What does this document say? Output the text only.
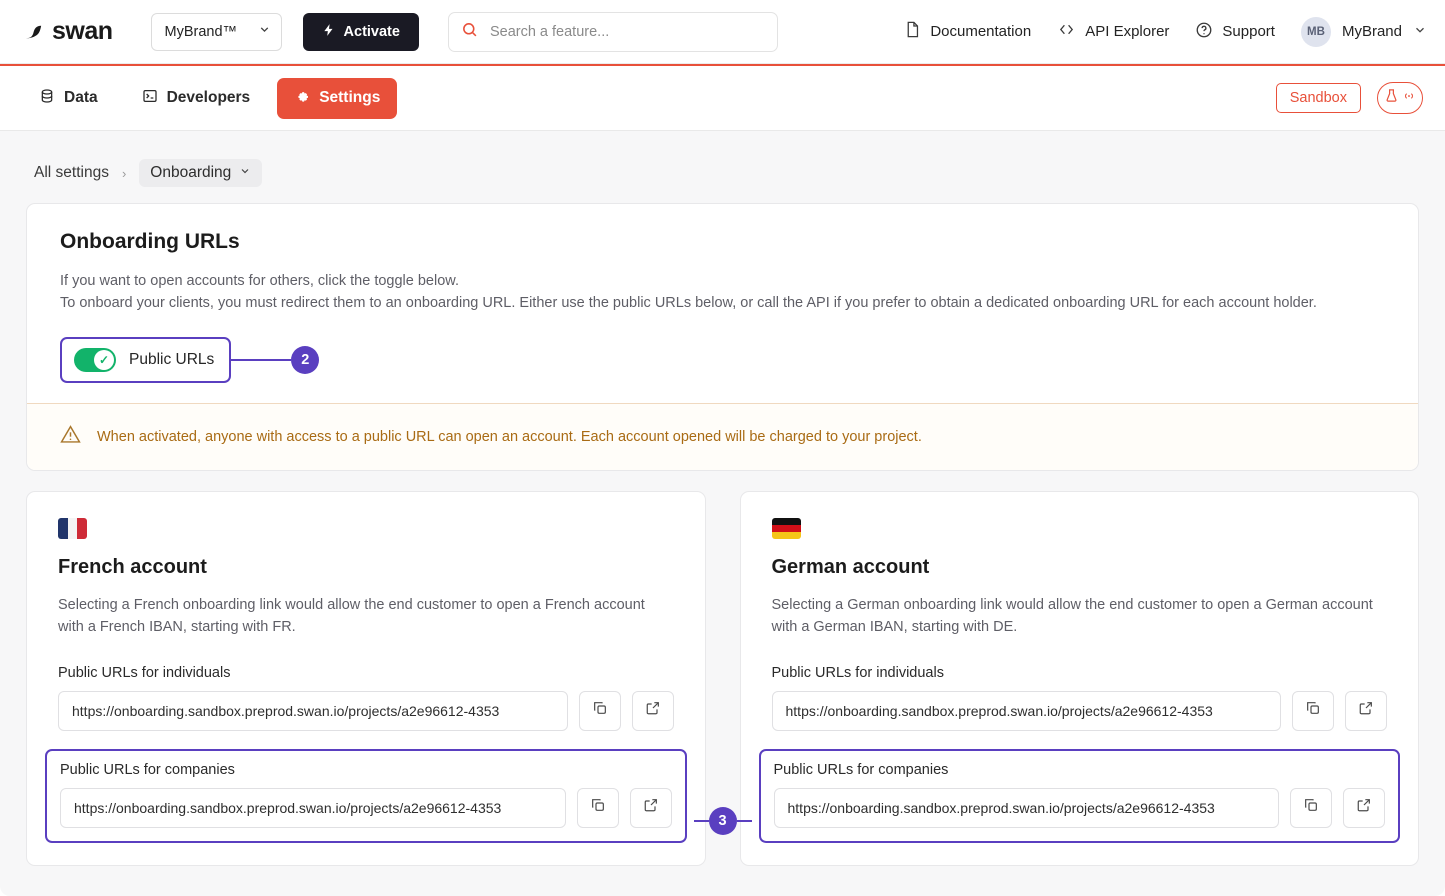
swan	MyBrand™	Activate
Search a feature...	Documentation	API Explorer	Support	MB	MyBrand
Data	Developers	Settings	Sandbox
All settings › Onboarding
Onboarding URLs
If you want to open accounts for others, click the toggle below.
To onboard your clients, you must redirect them to an onboarding URL. Either use the public URLs below, or call the API if you prefer to obtain a dedicated onboarding URL for each account holder.
✓	Public URLs	2
When activated, anyone with access to a public URL can open an account. Each account opened will be charged to your project.
French account
Selecting a French onboarding link would allow the end customer to open a French account with a French IBAN, starting with FR.
Public URLs for individuals
https://onboarding.sandbox.preprod.swan.io/projects/a2e96612-4353
Public URLs for companies
https://onboarding.sandbox.preprod.swan.io/projects/a2e96612-4353
3
German account
Selecting a German onboarding link would allow the end customer to open a German account with a German IBAN, starting with DE.
Public URLs for individuals
https://onboarding.sandbox.preprod.swan.io/projects/a2e96612-4353
Public URLs for companies
https://onboarding.sandbox.preprod.swan.io/projects/a2e96612-4353
